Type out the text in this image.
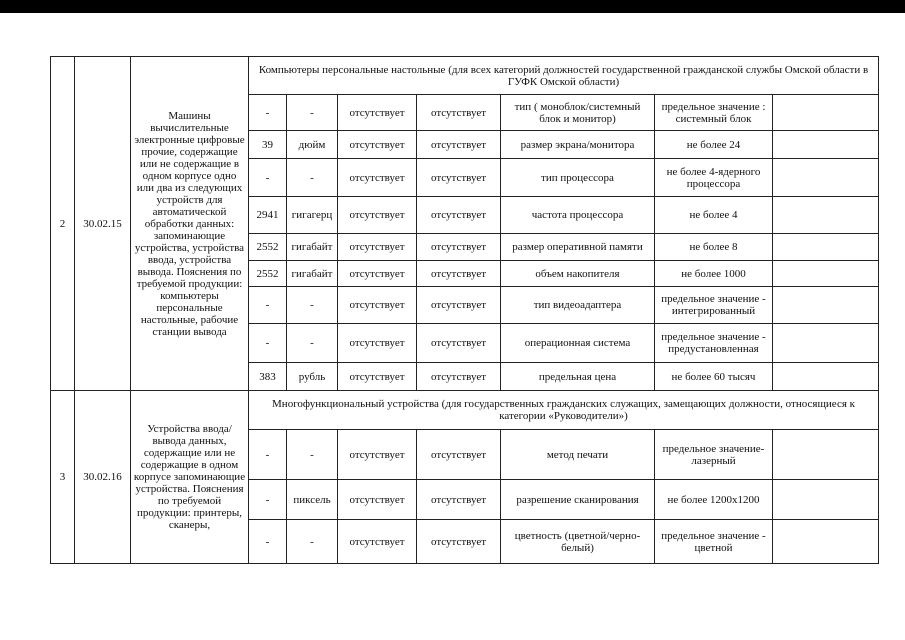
2	30.02.15	Машины вычислительные электронные цифровые прочие, содержащие или не содержащие в одном корпусе одно или два из следующих устройств для автоматической обработки данных: запоминающие устройства, устройства ввода, устройства вывода. Пояснения по требуемой продукции: компьютеры персональные настольные, рабочие станции вывода	Компьютеры персональные настольные (для всех категорий должностей государственной гражданской службы Омской области в ГУФК Омской области)						
			-	-	отсутствует	отсутствует	тип ( моноблок/системный блок и монитор)	предельное значение : системный блок	
			39	дюйм	отсутствует	отсутствует	размер экрана/монитора	не более 24	
			-	-	отсутствует	отсутствует	тип процессора	не более 4-ядерного процессора	
			2941	гигагерц	отсутствует	отсутствует	частота процессора	не более 4	
			2552	гигабайт	отсутствует	отсутствует	размер оперативной памяти	не более 8	
			2552	гигабайт	отсутствует	отсутствует	объем накопителя	не более 1000	
			-	-	отсутствует	отсутствует	тип видеоадаптера	предельное значение - интегрированный	
			-	-	отсутствует	отсутствует	операционная система	предельное значение - предустановленная	
			383	рубль	отсутствует	отсутствует	предельная цена	не более 60 тысяч	
3	30.02.16	Устройства ввода/вывода данных, содержащие или не содержащие в одном корпусе запоминающие устройства. Пояснения по требуемой продукции: принтеры, сканеры,	Многофункциональный устройства (для государственных гражданских служащих, замещающих должности, относящиеся к категории «Руководители»)						
			-	-	отсутствует	отсутствует	метод печати	предельное значение- лазерный	
			-	пиксель	отсутствует	отсутствует	разрешение сканирования	не более 1200х1200	
			-	-	отсутствует	отсутствует	цветность (цветной/чернобелый)	предельное значение - цветной	
